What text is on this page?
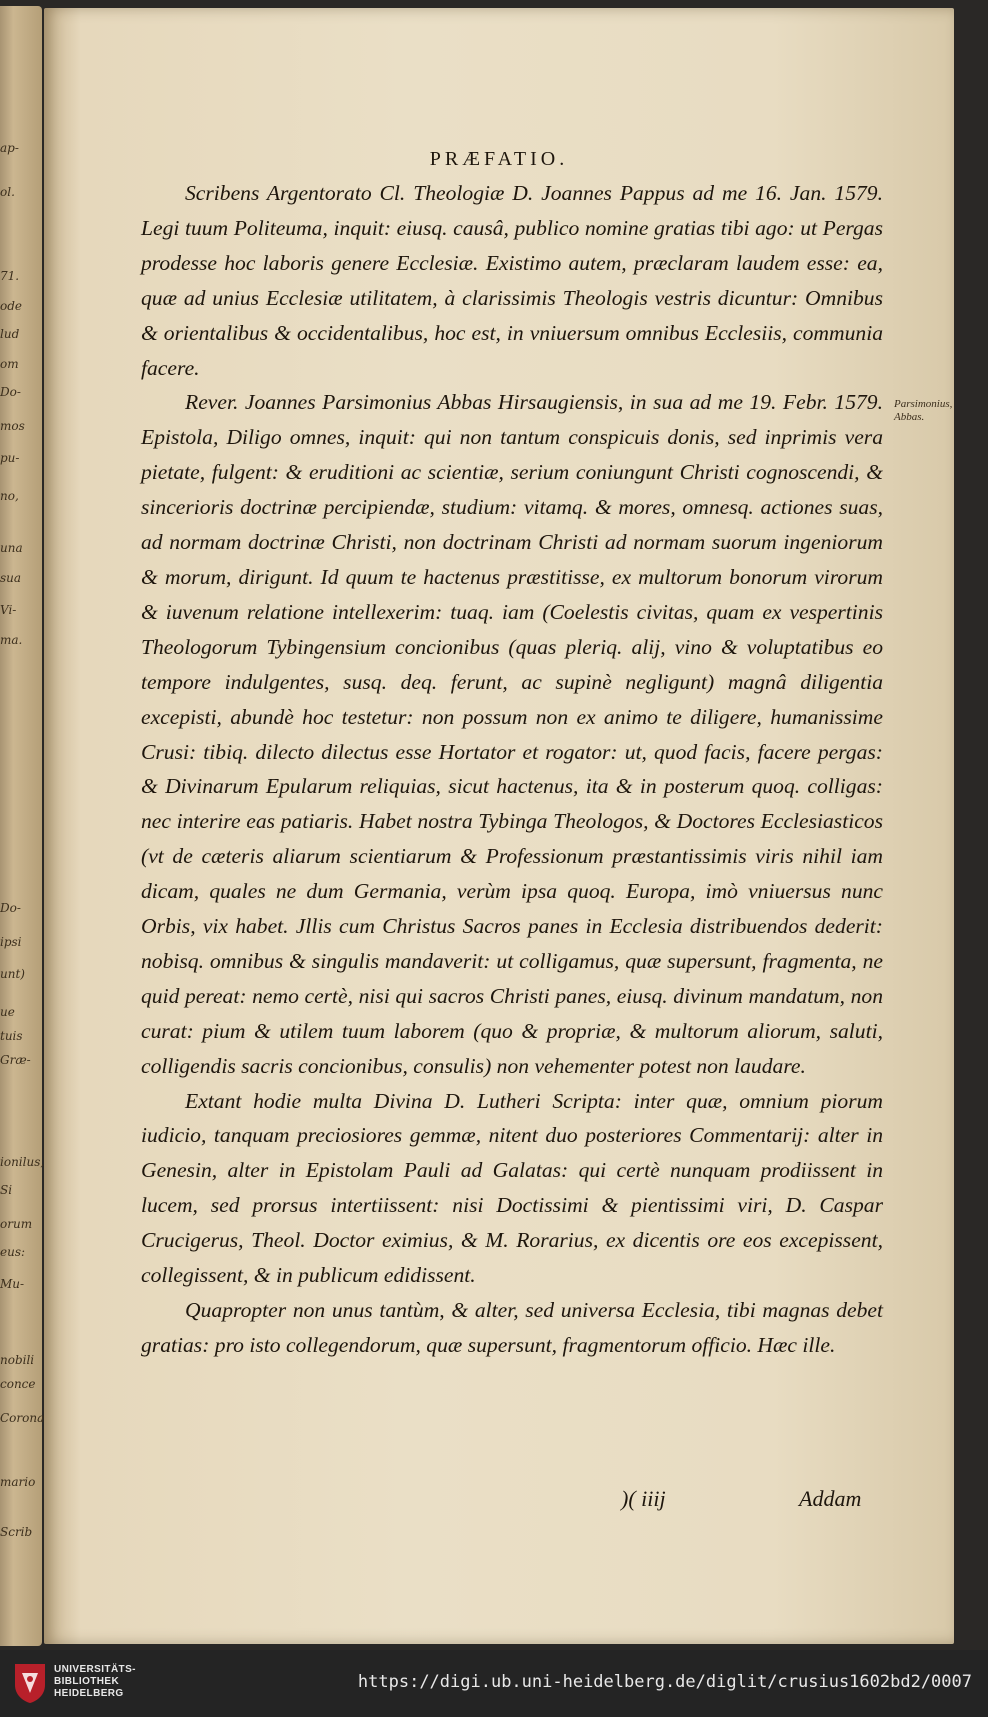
ap-
ol.
71.
ode
lud
om
Do-
mos
pu-
no,
una
sua
Vi-
ma.
Do-
ipsi
unt)
ue
tuis
Græ-
ionilus,
Si
orum
eus:
Mu-
nobili
conce
Corona
mario
Scrib
PRÆFATIO.

Scribens Argentorato Cl. Theologiæ D. Joannes Pappus ad me 16. Jan. 1579. Legi tuum Politeuma, inquit: eiusq. causâ, publico nomine gratias tibi ago: ut Pergas prodesse hoc laboris genere Ecclesiæ. Existimo autem, præclaram laudem esse: ea, quæ ad unius Ecclesiæ utilitatem, à clarissimis Theologis vestris dicuntur: Omnibus & orientalibus & occidentalibus, hoc est, in vniuersum omnibus Ecclesiis, communia facere.

Rever. Joannes Parsimonius Abbas Hirsaugiensis, in sua ad me 19. Febr. 1579. Epistola, Diligo omnes, inquit: qui non tantum conspicuis donis, sed inprimis vera pietate, fulgent: & eruditioni ac scientiæ, serium coniungunt Christi cognoscendi, & sincerioris doctrinæ percipiendæ, studium: vitamq. & mores, omnesq. actiones suas, ad normam doctrinæ Christi, non doctrinam Christi ad normam suorum ingeniorum & morum, dirigunt. Id quum te hactenus præstitisse, ex multorum bonorum virorum & iuvenum relatione intellexerim: tuaq. iam (Coelestis civitas, quam ex vespertinis Theologorum Tybingensium concionibus (quas pleriq. alij, vino & voluptatibus eo tempore indulgentes, susq. deq. ferunt, ac supinè negligunt) magnâ diligentia excepisti, abundè hoc testetur: non possum non ex animo te diligere, humanissime Crusi: tibiq. dilecto dilectus esse Hortator et rogator: ut, quod facis, facere pergas: & Divinarum Epularum reliquias, sicut hactenus, ita & in posterum quoq. colligas: nec interire eas patiaris. Habet nostra Tybinga Theologos, & Doctores Ecclesiasticos (vt de cæteris aliarum scientiarum & Professionum præstantissimis viris nihil iam dicam, quales ne dum Germania, verùm ipsa quoq. Europa, imò vniuersus nunc Orbis, vix habet. Jllis cum Christus Sacros panes in Ecclesia distribuendos dederit: nobisq. omnibus & singulis mandaverit: ut colligamus, quæ supersunt, fragmenta, ne quid pereat: nemo certè, nisi qui sacros Christi panes, eiusq. divinum mandatum, non curat: pium & utilem tuum laborem (quo & propriæ, & multorum aliorum, saluti, colligendis sacris concionibus, consulis) non vehementer potest non laudare.

Extant hodie multa Divina D. Lutheri Scripta: inter quæ, omnium piorum iudicio, tanquam preciosiores gemmæ, nitent duo posteriores Commentarij: alter in Genesin, alter in Epistolam Pauli ad Galatas: qui certè nunquam prodiissent in lucem, sed prorsus intertiissent: nisi Doctissimi & pientissimi viri, D. Caspar Crucigerus, Theol. Doctor eximius, & M. Rorarius, ex dicentis ore eos excepissent, collegissent, & in publicum edidissent.

Quapropter non unus tantùm, & alter, sed universa Ecclesia, tibi magnas debet gratias: pro isto collegendorum, quæ supersunt, fragmentorum officio. Hæc ille.

Parsimonius, Abbas.
)( iiij	Addam
UNIVERSITÄTS-
BIBLIOTHEK
HEIDELBERG
https://digi.ub.uni-heidelberg.de/diglit/crusius1602bd2/0007
